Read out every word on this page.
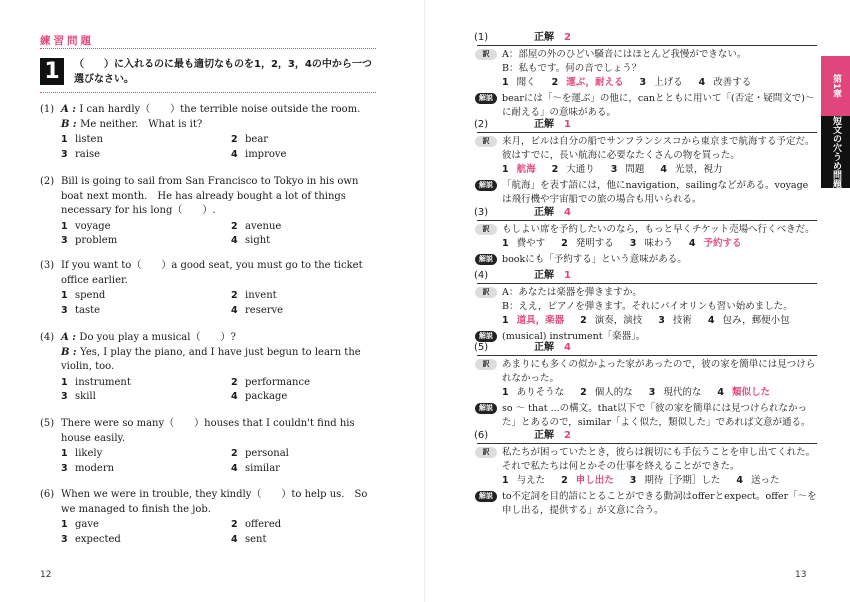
練習問題
1	（　　）に入れるのに最も適切なものを1，2，3，4の中から一つ選びなさい。
(1) A : I can hardly（　　）the terrible noise outside the room.
B : Me neither.　What is it?
1 listen	2 bear
3 raise	4 improve
(2) Bill is going to sail from San Francisco to Tokyo in his own boat next month.　He has already bought a lot of things necessary for his long（　　）.
1 voyage	2 avenue
3 problem	4 sight
(3) If you want to（　　）a good seat, you must go to the ticket office earlier.
1 spend	2 invent
3 taste	4 reserve
(4) A : Do you play a musical（　　）?
B : Yes, I play the piano, and I have just begun to learn the violin, too.
1 instrument	2 performance
3 skill	4 package
(5) There were so many（　　）houses that I couldn't find his house easily.
1 likely	2 personal
3 modern	4 similar
(6) When we were in trouble, they kindly（　　）to help us.　So we managed to finish the job.
1 gave	2 offered
3 expected	4 sent
12
(1)	正解	2
訳	A：部屋の外のひどい騒音にはほとんど我慢ができない。
B：私もです。何の音でしょう？
1 聞く 2 運ぶ，耐える 3 上げる 4 改善する
解説 bearには「～を運ぶ」の他に，canとともに用いて「(否定・疑問文で)～に耐える」の意味がある。
(2)	正解	1
訳	来月，ビルは自分の船でサンフランシスコから東京まで航海する予定だ。彼はすでに，長い航海に必要なたくさんの物を買った。
1 航海 2 大通り 3 問題 4 光景，視力
解説 「航海」を表す語には，他にnavigation，sailingなどがある。voyageは飛行機や宇宙船での旅の場合も用いられる。
(3)	正解	4
訳	もしよい席を予約したいのなら，もっと早くチケット売場へ行くべきだ。
1 費やす 2 発明する 3 味わう 4 予約する
解説 bookにも「予約する」という意味がある。
(4)	正解	1
訳	A：あなたは楽器を弾きますか。
B：ええ，ピアノを弾きます。それにバイオリンも習い始めました。
1 道具，楽器 2 演奏，演技 3 技術 4 包み，郵便小包
解説 (musical) instrument「楽器」。
(5)	正解	4
訳	あまりにも多くの似かよった家があったので，彼の家を簡単には見つけられなかった。
1 ありそうな 2 個人的な 3 現代的な 4 類似した
解説 so ～ that ...の構文。that以下で「彼の家を簡単には見つけられなかった」とあるので，similar「よく似た，類似した」であれば文意が通る。
(6)	正解	2
訳	私たちが困っていたとき，彼らは親切にも手伝うことを申し出てくれた。それで私たちは何とかその仕事を終えることができた。
1 与えた 2 申し出た 3 期待［予期］した 4 送った
解説 to不定詞を目的語にとることができる動詞はofferとexpect。offer「～を申し出る，提供する」が文意に合う。
第1章
短文の穴うめ問題
13
